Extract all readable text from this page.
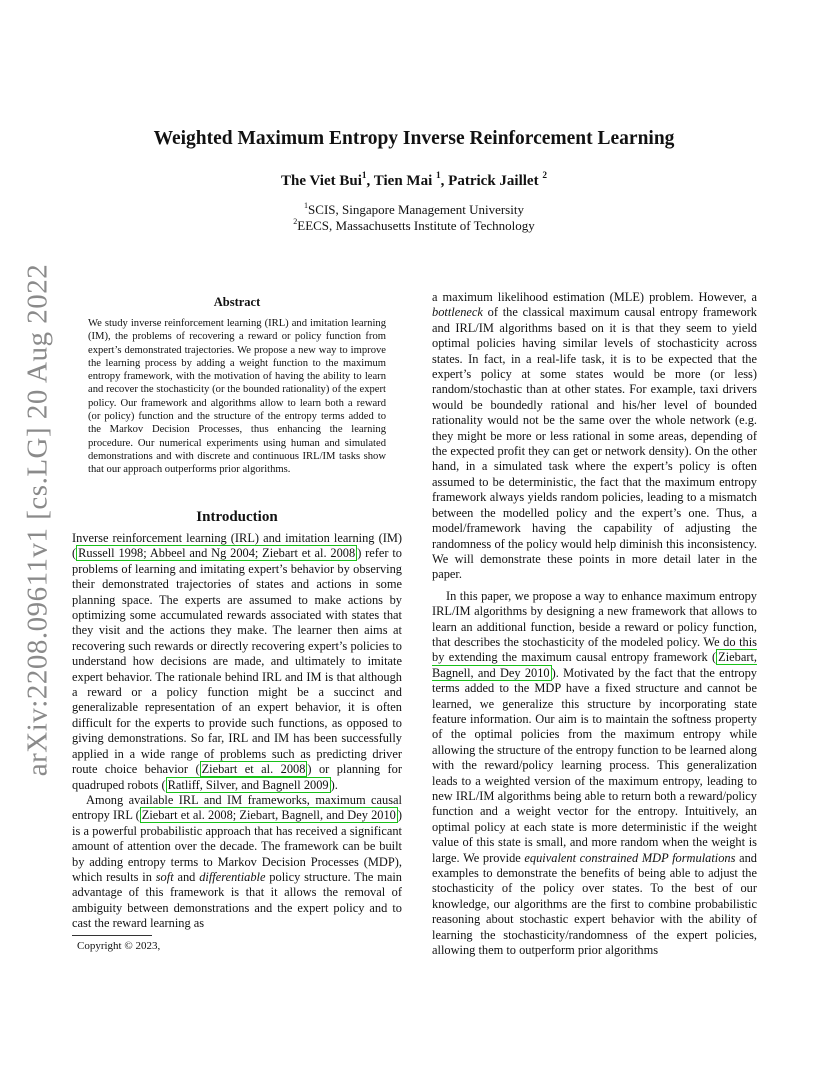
arXiv:2208.09611v1 [cs.LG] 20 Aug 2022
Weighted Maximum Entropy Inverse Reinforcement Learning
The Viet Bui$^1$, Tien Mai $^1$, Patrick Jaillet $^2$
$^1$SCIS, Singapore Management University
$^2$EECS, Massachusetts Institute of Technology
Abstract
We study inverse reinforcement learning (IRL) and imitation learning (IM), the problems of recovering a reward or policy function from expert’s demonstrated trajectories. We propose a new way to improve the learning process by adding a weight function to the maximum entropy framework, with the motivation of having the ability to learn and recover the stochasticity (or the bounded rationality) of the expert policy. Our framework and algorithms allow to learn both a reward (or policy) function and the structure of the entropy terms added to the Markov Decision Processes, thus enhancing the learning procedure. Our numerical experiments using human and simulated demonstrations and with discrete and continuous IRL/IM tasks show that our approach outperforms prior algorithms.
Introduction

Inverse reinforcement learning (IRL) and imitation learning (IM) ( Russell 1998; Abbeel and Ng 2004; Ziebart et al. 2008 ) refer to problems of learning and imitating expert’s behavior by observing their demonstrated trajectories of states and actions in some planning space. The experts are assumed to make actions by optimizing some accumulated rewards associated with states that they visit and the actions they make. The learner then aims at recovering such rewards or directly recovering expert’s policies to understand how decisions are made, and ultimately to imitate expert behavior. The rationale behind IRL and IM is that although a reward or a policy function might be a succinct and generalizable representation of an expert behavior, it is often difficult for the experts to provide such functions, as opposed to giving demonstrations. So far, IRL and IM has been successfully applied in a wide range of problems such as predicting driver route choice behavior ( Ziebart et al. 2008 ) or planning for quadruped robots ( Ratliff, Silver, and Bagnell 2009 ).

Among available IRL and IM frameworks, maximum causal entropy IRL ( Ziebart et al. 2008; Ziebart, Bagnell, and Dey 2010 ) is a powerful probabilistic approach that has received a significant amount of attention over the decade. The framework can be built by adding entropy terms to Markov Decision Processes (MDP), which results in soft and differentiable policy structure. The main advantage of this framework is that it allows the removal of ambiguity between demonstrations and the expert policy and to cast the reward learning as

a maximum likelihood estimation (MLE) problem. However, a bottleneck of the classical maximum causal entropy framework and IRL/IM algorithms based on it is that they seem to yield optimal policies having similar levels of stochasticity across states. In fact, in a real-life task, it is to be expected that the expert’s policy at some states would be more (or less) random/stochastic than at other states. For example, taxi drivers would be boundedly rational and his/her level of bounded rationality would not be the same over the whole network (e.g. they might be more or less rational in some areas, depending of the expected profit they can get or network density). On the other hand, in a simulated task where the expert’s policy is often assumed to be deterministic, the fact that the maximum entropy framework always yields random policies, leading to a mismatch between the modelled policy and the expert’s one. Thus, a model/framework having the capability of adjusting the randomness of the policy would help diminish this inconsistency. We will demonstrate these points in more detail later in the paper.

In this paper, we propose a way to enhance maximum entropy IRL/IM algorithms by designing a new framework that allows to learn an additional function, beside a reward or policy function, that describes the stochasticity of the modeled policy. We do this by extending the maximum causal entropy framework ( Ziebart, Bagnell, and Dey 2010 ). Motivated by the fact that the entropy terms added to the MDP have a fixed structure and cannot be learned, we generalize this structure by incorporating state feature information. Our aim is to maintain the softness property of the optimal policies from the maximum entropy while allowing the structure of the entropy function to be learned along with the reward/policy learning process. This generalization leads to a weighted version of the maximum entropy, leading to new IRL/IM algorithms being able to return both a reward/policy function and a weight vector for the entropy. Intuitively, an optimal policy at each state is more deterministic if the weight value of this state is small, and more random when the weight is large. We provide equivalent constrained MDP formulations and examples to demonstrate the benefits of being able to adjust the stochasticity of the policy over states. To the best of our knowledge, our algorithms are the first to combine probabilistic reasoning about stochastic expert behavior with the ability of learning the stochasticity/randomness of the expert policies, allowing them to outperform prior algorithms

Copyright © 2023,
